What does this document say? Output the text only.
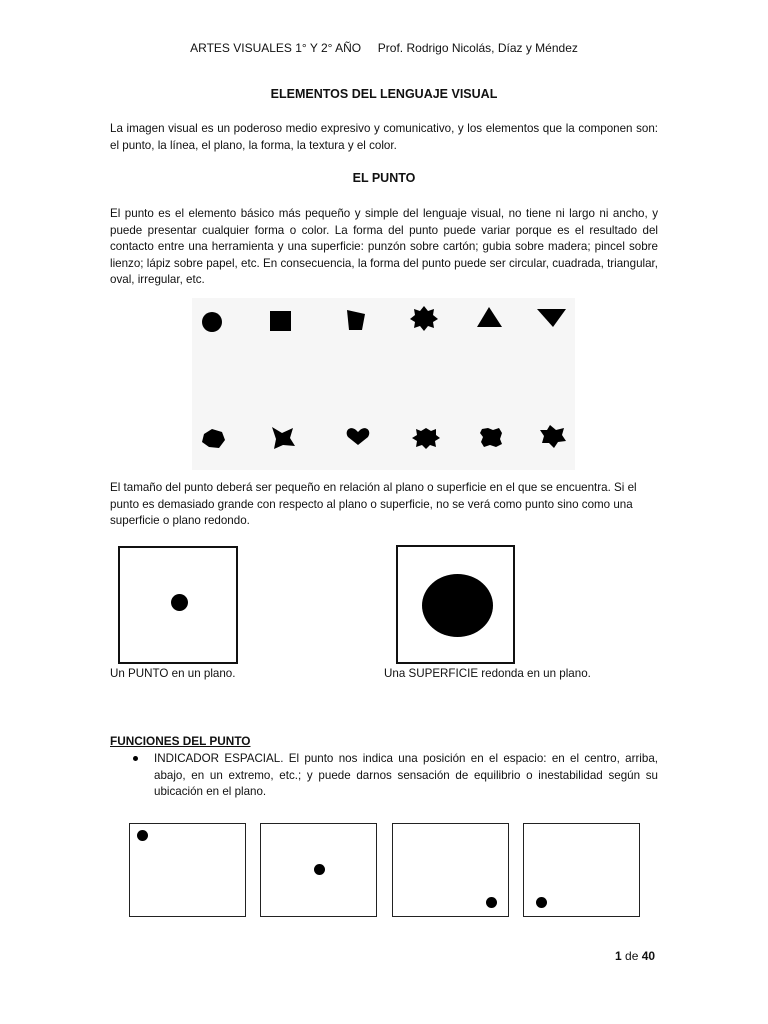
ARTES VISUALES 1° Y 2° AÑO Prof. Rodrigo Nicolás, Díaz y Méndez
ELEMENTOS DEL LENGUAJE VISUAL
La imagen visual es un poderoso medio expresivo y comunicativo, y los elementos que la componen son: el punto, la línea, el plano, la forma, la textura y el color.
EL PUNTO
El punto es el elemento básico más pequeño y simple del lenguaje visual, no tiene ni largo ni ancho, y puede presentar cualquier forma o color. La forma del punto puede variar porque es el resultado del contacto entre una herramienta y una superficie: punzón sobre cartón; gubia sobre madera; pincel sobre lienzo; lápiz sobre papel, etc. En consecuencia, la forma del punto puede ser circular, cuadrada, triangular, oval, irregular, etc.
El tamaño del punto deberá ser pequeño en relación al plano o superficie en el que se encuentra. Si el punto es demasiado grande con respecto al plano o superficie, no se verá como punto sino como una superficie o plano redondo.
Un PUNTO en un plano.	Una SUPERFICIE redonda en un plano.
FUNCIONES DEL PUNTO
INDICADOR ESPACIAL. El punto nos indica una posición en el espacio: en el centro, arriba, abajo, en un extremo, etc.; y puede darnos sensación de equilibrio o inestabilidad según su ubicación en el plano.
1 de 40
